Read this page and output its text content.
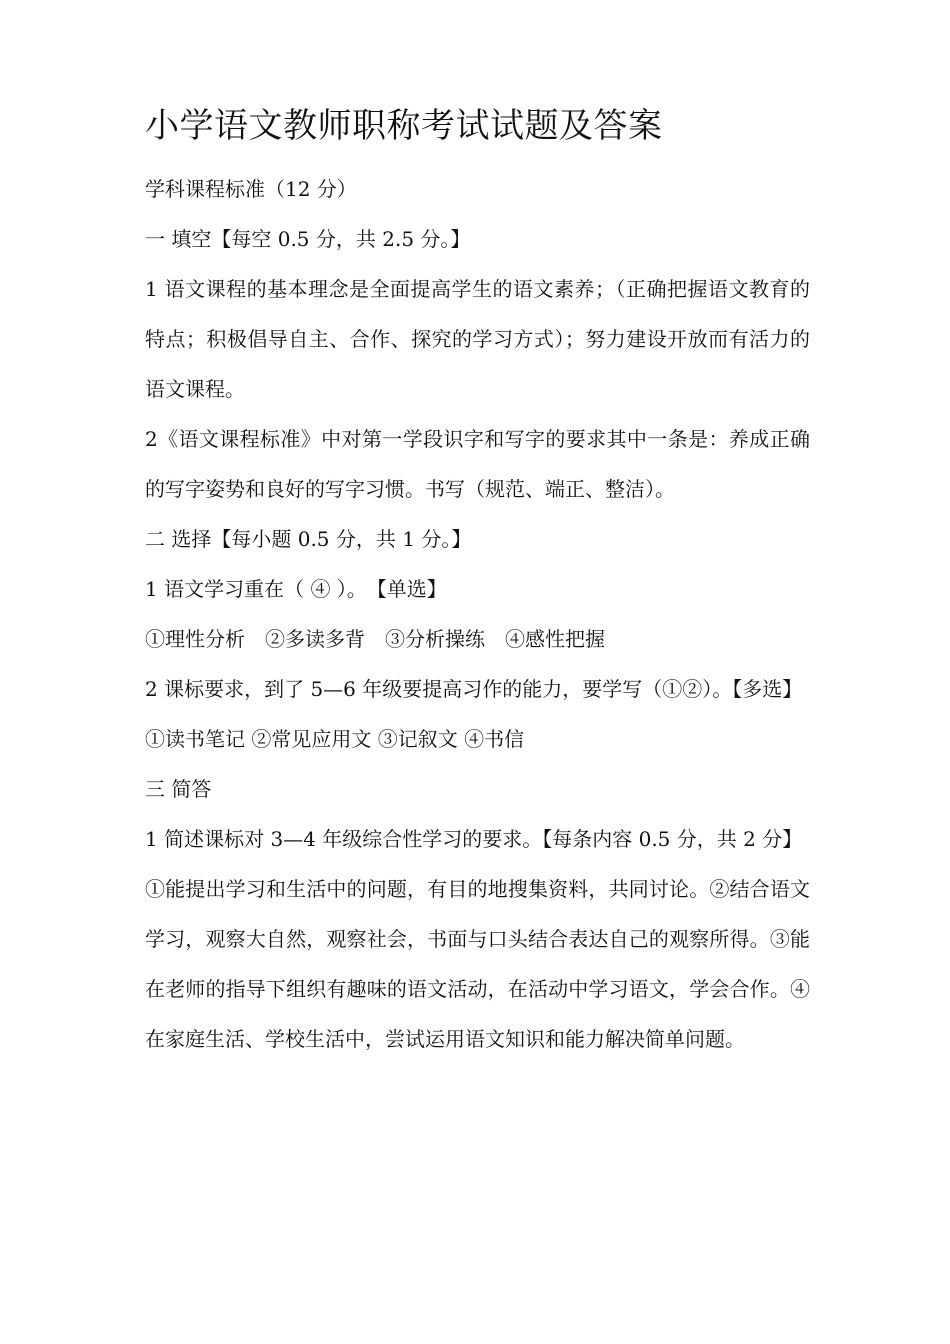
小学语文教师职称考试试题及答案

学科课程标准（12 分）

一 填空【每空 0.5 分，共 2.5 分。】

1 语文课程的基本理念是全面提高学生的语文素养；（正确把握语文教育的特点；积极倡导自主、合作、探究的学习方式）；努力建设开放而有活力的语文课程。

2《语文课程标准》中对第一学段识字和写字的要求其中一条是：养成正确的写字姿势和良好的写字习惯。书写（规范、端正、整洁）。

二 选择【每小题 0.5 分，共 1 分。】

1 语文学习重在（ ④ ）。　【单选】

①理性分析　②多读多背　③分析操练　④感性把握

2 课标要求，到了 5—6 年级要提高习作的能力，要学写（①②）。【多选】

①读书笔记 ②常见应用文 ③记叙文 ④书信

三 简答

1 简述课标对 3—4 年级综合性学习的要求。【每条内容 0.5 分，共 2 分】

①能提出学习和生活中的问题，有目的地搜集资料，共同讨论。②结合语文学习，观察大自然，观察社会，书面与口头结合表达自己的观察所得。③能在老师的指导下组织有趣味的语文活动，在活动中学习语文，学会合作。④在家庭生活、学校生活中，尝试运用语文知识和能力解决简单问题。
